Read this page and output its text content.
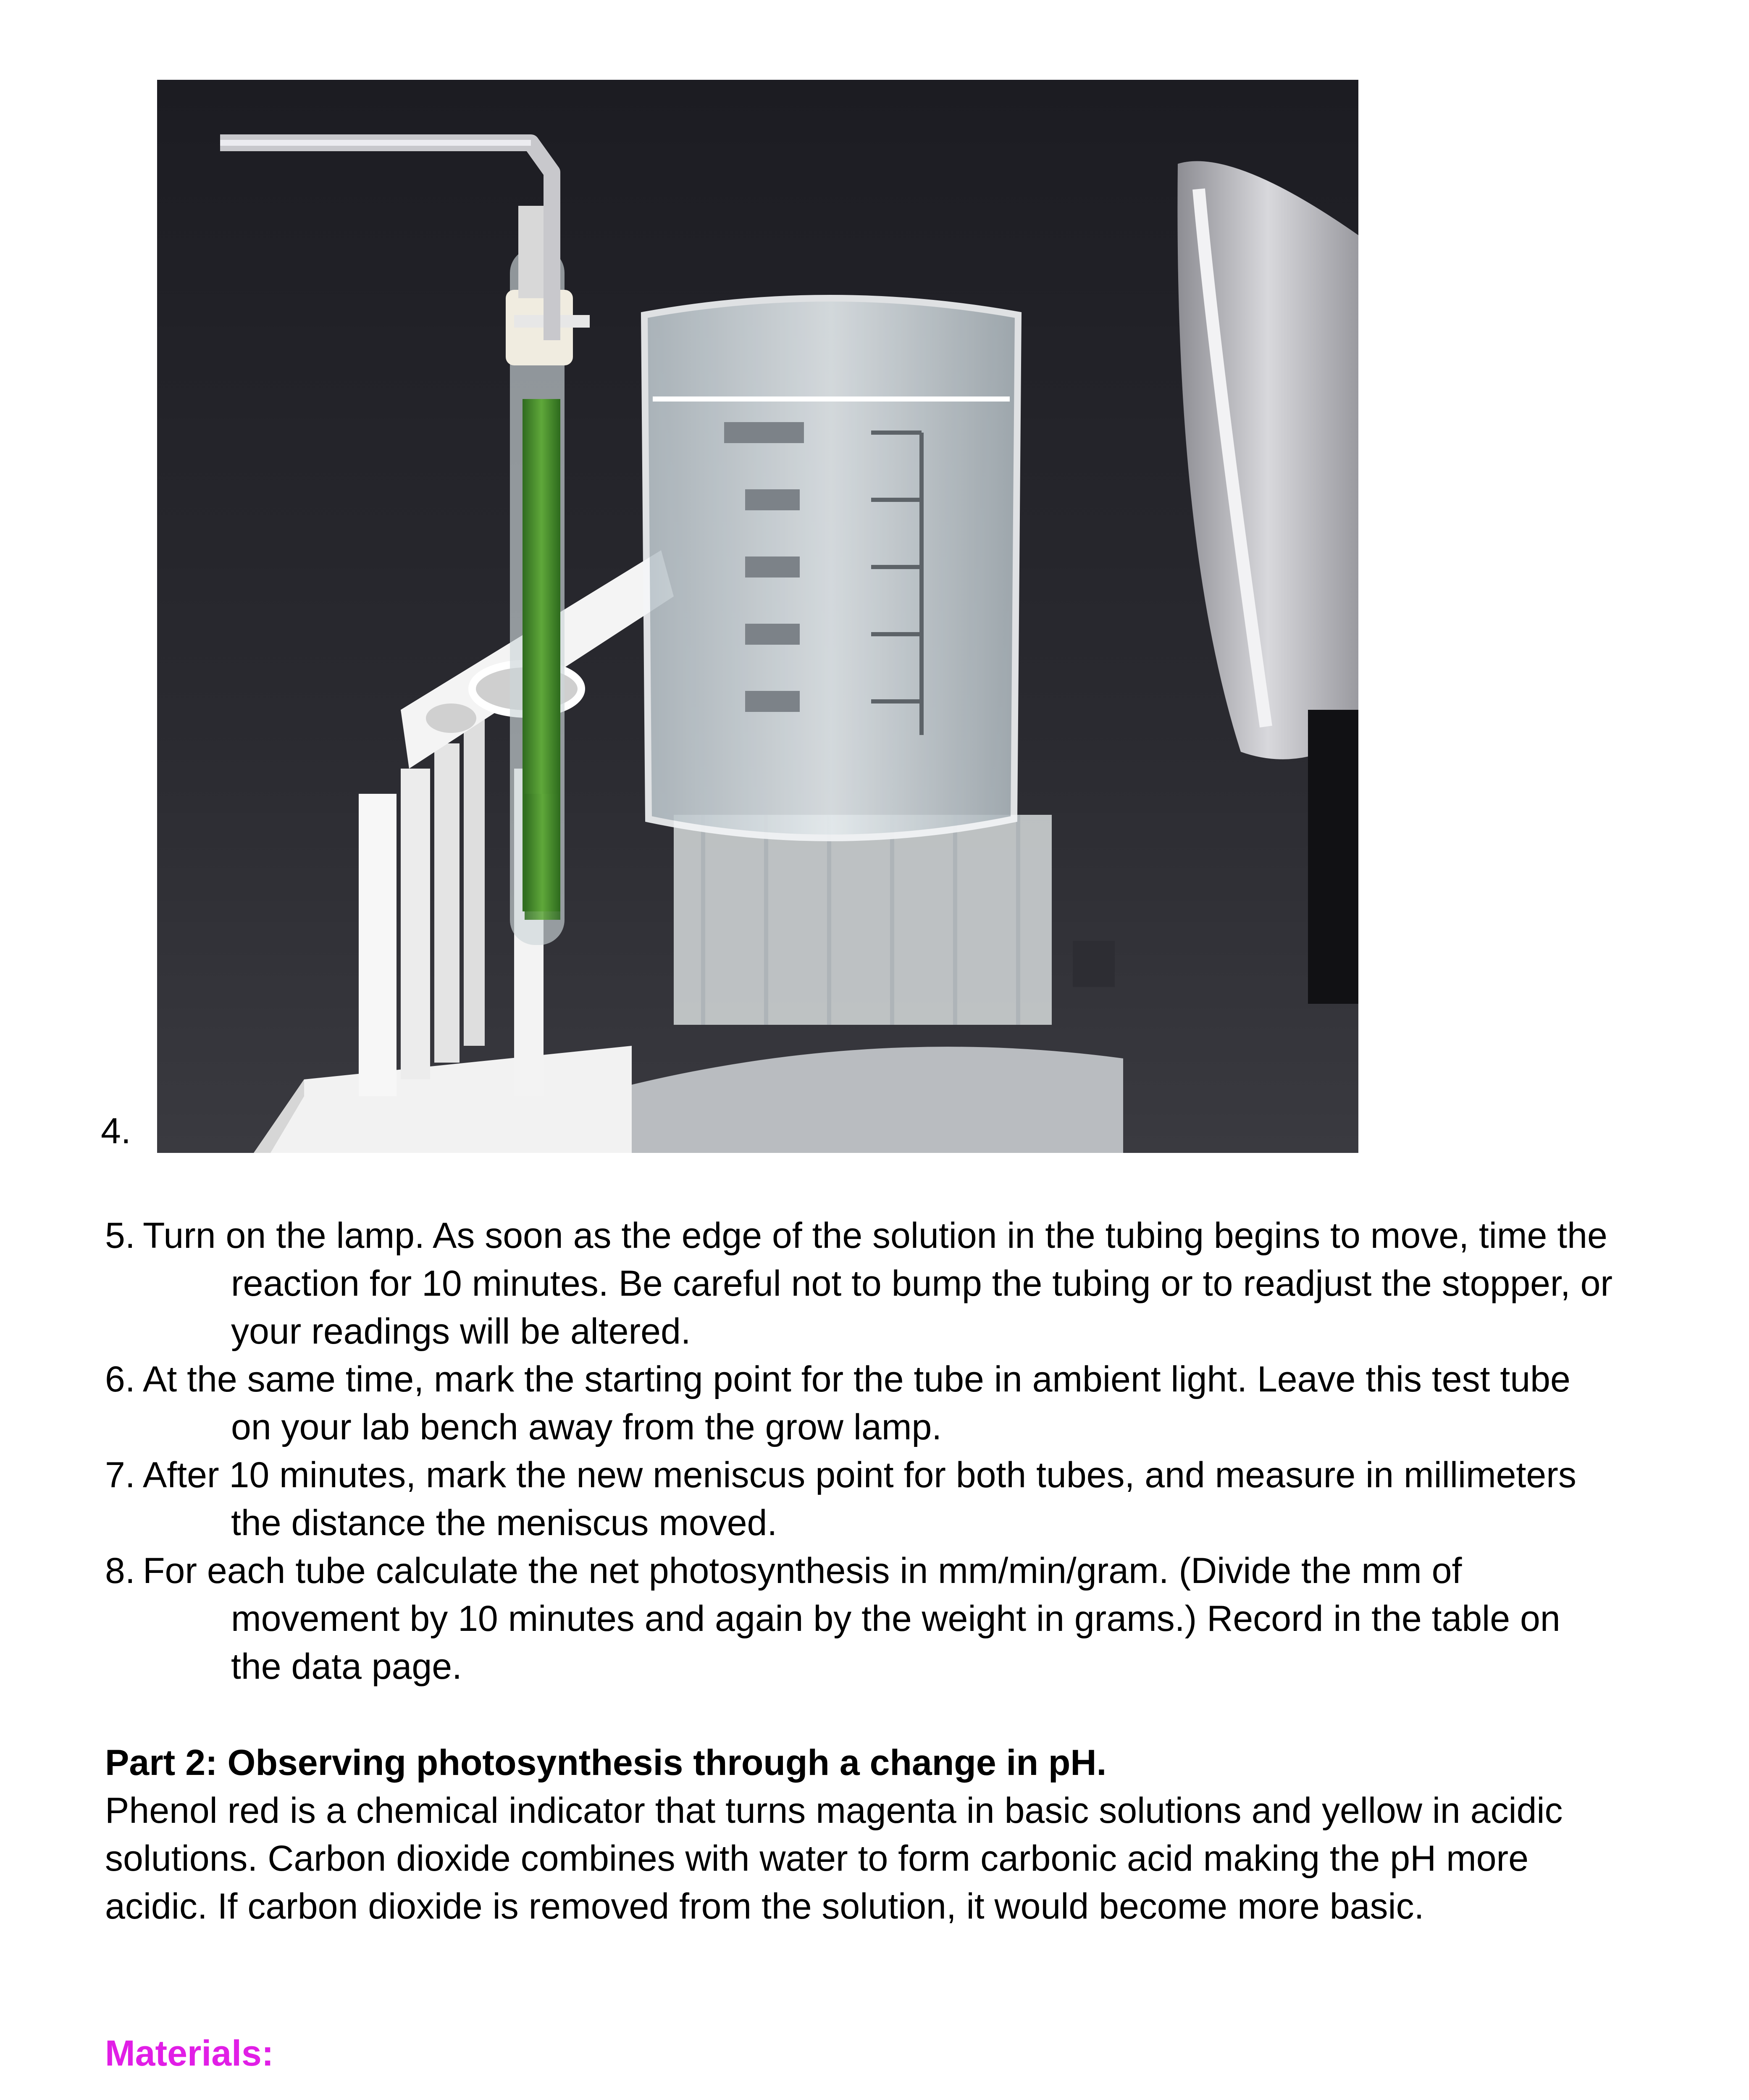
4.
5. Turn on the lamp. As soon as the edge of the solution in the tubing begins to move, time the reaction for 10 minutes. Be careful not to bump the tubing or to readjust the stopper, or your readings will be altered.
6. At the same time, mark the starting point for the tube in ambient light. Leave this test tube on your lab bench away from the grow lamp.
7. After 10 minutes, mark the new meniscus point for both tubes, and measure in millimeters the distance the meniscus moved.
8. For each tube calculate the net photosynthesis in mm/min/gram. (Divide the mm of movement by 10 minutes and again by the weight in grams.) Record in the table on the data page.
Part 2: Observing photosynthesis through a change in pH.
Phenol red is a chemical indicator that turns magenta in basic solutions and yellow in acidic solutions. Carbon dioxide combines with water to form carbonic acid making the pH more acidic. If carbon dioxide is removed from the solution, it would become more basic.
Materials:
